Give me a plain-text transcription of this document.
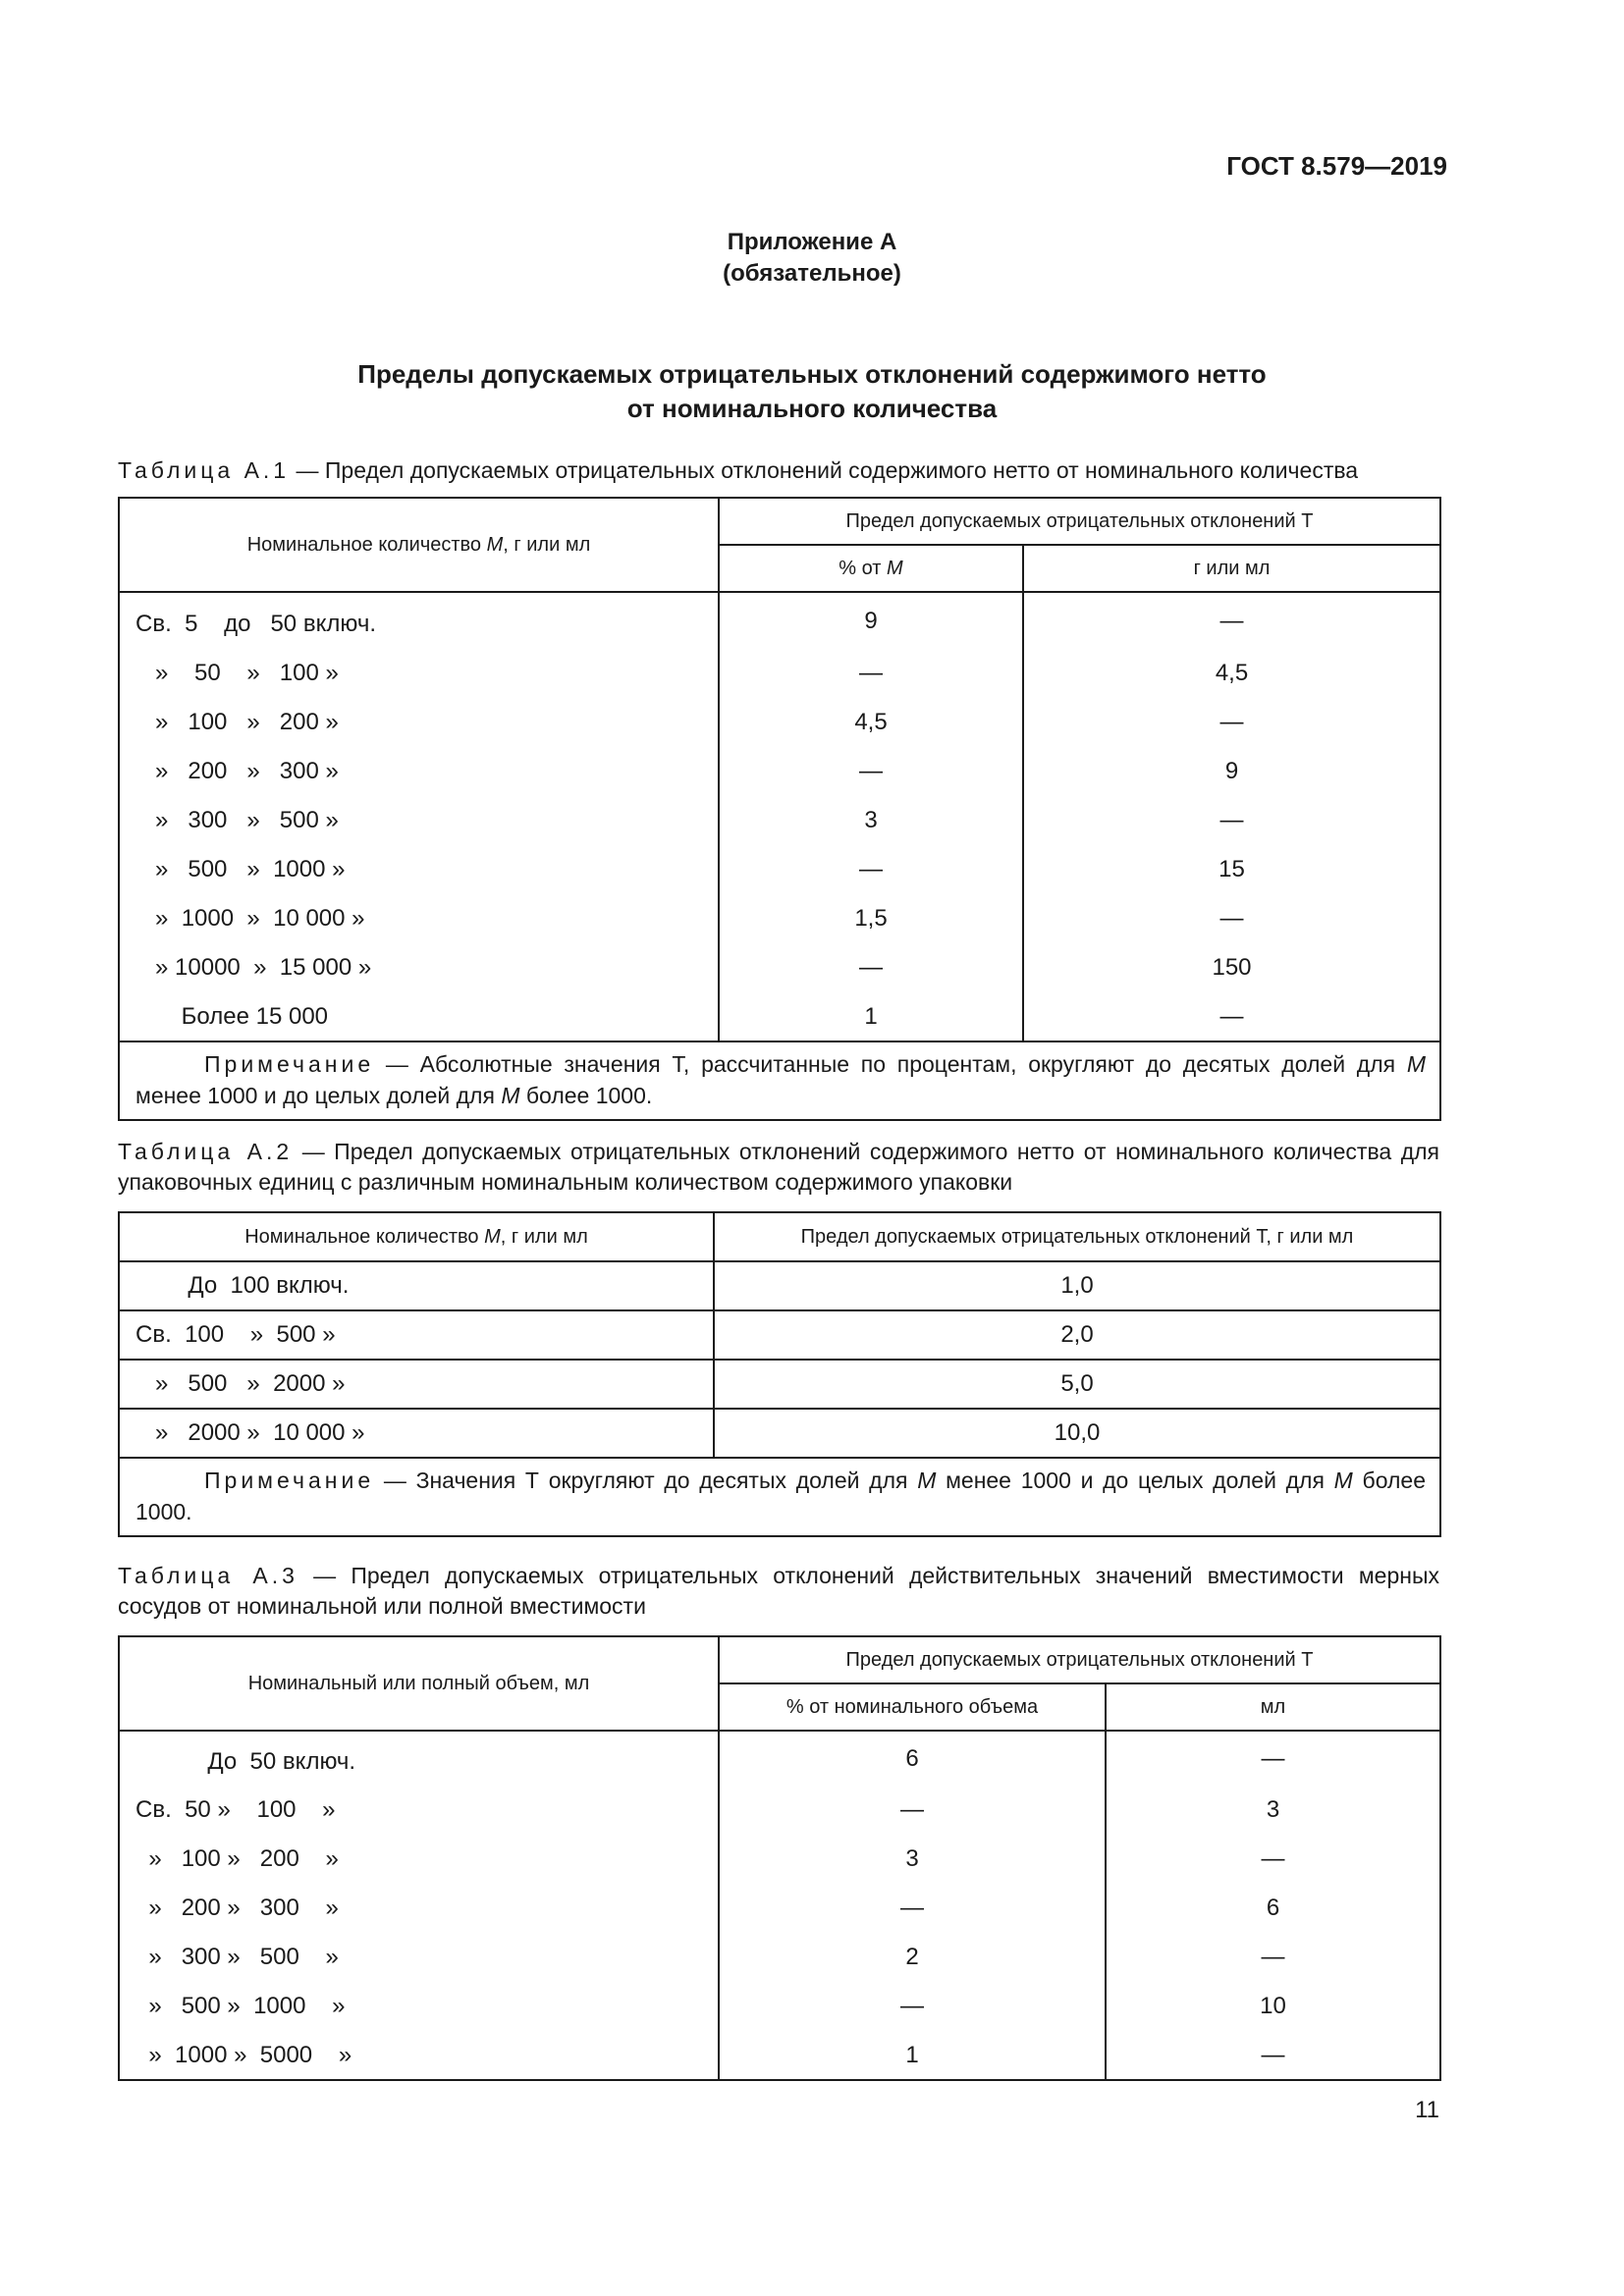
ГОСТ 8.579—2019
Приложение А
(обязательное)
Пределы допускаемых отрицательных отклонений содержимого нетто
от номинального количества
Таблица А.1 — Предел допускаемых отрицательных отклонений содержимого нетто от номинального количества
Номинальное количество M, г или мл	Предел допускаемых отрицательных отклонений Т	
	% от M	г или мл
Св.  5    до   50 включ.	9	—
»    50    »   100 »	—	4,5
»   100   »   200 »	4,5	—
»   200   »   300 »	—	9
»   300   »   500 »	3	—
»   500   »  1000 »	—	15
»  1000  »  10 000 »	1,5	—
» 10000  »  15 000 »	—	150
Более 15 000	1	—
Примечание — Абсолютные значения Т, рассчитанные по процентам, округляют до десятых долей для M менее 1000 и до целых долей для M более 1000.		
Таблица А.2 — Предел допускаемых отрицательных отклонений содержимого нетто от номинального количества для упаковочных единиц с различным номинальным количеством содержимого упаковки
Номинальное количество M, г или мл	Предел допускаемых отрицательных отклонений Т, г или мл
До  100 включ.	1,0
Св.  100    »  500 »	2,0
»   500   »  2000 »	5,0
»   2000 »  10 000 »	10,0
Примечание — Значения Т округляют до десятых долей для M менее 1000 и до целых долей для M более 1000.	
Таблица А.3 — Предел допускаемых отрицательных отклонений действительных значений вместимости мерных сосудов от номинальной или полной вместимости
Номинальный или полный объем, мл	Предел допускаемых отрицательных отклонений Т	
	% от номинального объема	мл
До  50 включ.	6	—
Св.  50 »    100    »	—	3
»   100 »   200    »	3	—
»   200 »   300    »	—	6
»   300 »   500    »	2	—
»   500 »  1000    »	—	10
»  1000 »  5000    »	1	—
11
